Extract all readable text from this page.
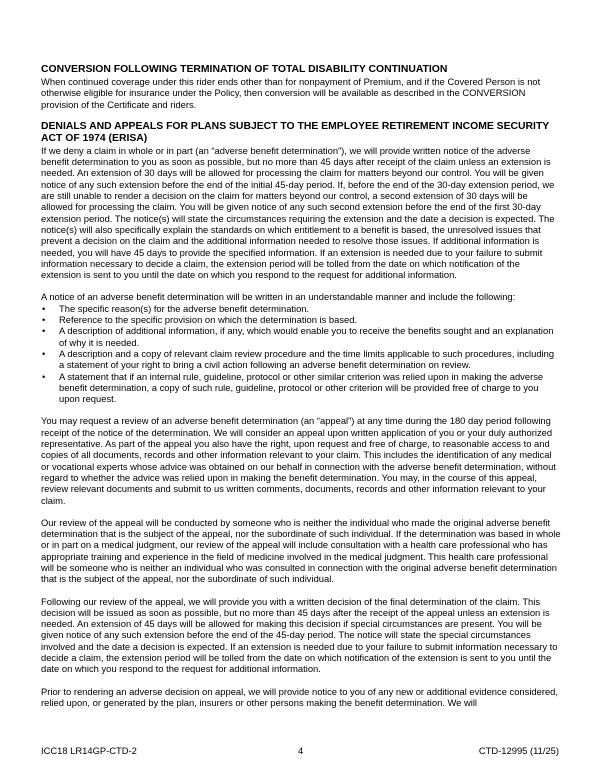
CONVERSION FOLLOWING TERMINATION OF TOTAL DISABILITY CONTINUATION

When continued coverage under this rider ends other than for nonpayment of Premium, and if the Covered Person is not otherwise eligible for insurance under the Policy, then conversion will be available as described in the CONVERSION provision of the Certificate and riders.

DENIALS AND APPEALS FOR PLANS SUBJECT TO THE EMPLOYEE RETIREMENT INCOME SECURITY ACT OF 1974 (ERISA)

If we deny a claim in whole or in part (an “adverse benefit determination”), we will provide written notice of the adverse benefit determination to you as soon as possible, but no more than 45 days after receipt of the claim unless an extension is needed. An extension of 30 days will be allowed for processing the claim for matters beyond our control. You will be given notice of any such extension before the end of the initial 45-day period. If, before the end of the 30-day extension period, we are still unable to render a decision on the claim for matters beyond our control, a second extension of 30 days will be allowed for processing the claim. You will be given notice of any such second extension before the end of the first 30-day extension period. The notice(s) will state the circumstances requiring the extension and the date a decision is expected. The notice(s) will also specifically explain the standards on which entitlement to a benefit is based, the unresolved issues that prevent a decision on the claim and the additional information needed to resolve those issues. If additional information is needed, you will have 45 days to provide the specified information. If an extension is needed due to your failure to submit information necessary to decide a claim, the extension period will be tolled from the date on which notification of the extension is sent to you until the date on which you respond to the request for additional information.

A notice of an adverse benefit determination will be written in an understandable manner and include the following:

• The specific reason(s) for the adverse benefit determination.
• Reference to the specific provision on which the determination is based.
• A description of additional information, if any, which would enable you to receive the benefits sought and an explanation of why it is needed.
• A description and a copy of relevant claim review procedure and the time limits applicable to such procedures, including a statement of your right to bring a civil action following an adverse benefit determination on review.
• A statement that if an internal rule, guideline, protocol or other similar criterion was relied upon in making the adverse benefit determination, a copy of such rule, guideline, protocol or other criterion will be provided free of charge to you upon request.

You may request a review of an adverse benefit determination (an “appeal”) at any time during the 180 day period following receipt of the notice of the determination. We will consider an appeal upon written application of you or your duly authorized representative. As part of the appeal you also have the right, upon request and free of charge, to reasonable access to and copies of all documents, records and other information relevant to your claim. This includes the identification of any medical or vocational experts whose advice was obtained on our behalf in connection with the adverse benefit determination, without regard to whether the advice was relied upon in making the benefit determination. You may, in the course of this appeal, review relevant documents and submit to us written comments, documents, records and other information relevant to your claim.

Our review of the appeal will be conducted by someone who is neither the individual who made the original adverse benefit determination that is the subject of the appeal, nor the subordinate of such individual. If the determination was based in whole or in part on a medical judgment, our review of the appeal will include consultation with a health care professional who has appropriate training and experience in the field of medicine involved in the medical judgment. This health care professional will be someone who is neither an individual who was consulted in connection with the original adverse benefit determination that is the subject of the appeal, nor the subordinate of such individual.

Following our review of the appeal, we will provide you with a written decision of the final determination of the claim. This decision will be issued as soon as possible, but no more than 45 days after the receipt of the appeal unless an extension is needed. An extension of 45 days will be allowed for making this decision if special circumstances are present. You will be given notice of any such extension before the end of the 45-day period. The notice will state the special circumstances involved and the date a decision is expected. If an extension is needed due to your failure to submit information necessary to decide a claim, the extension period will be tolled from the date on which notification of the extension is sent to you until the date on which you respond to the request for additional information.

Prior to rendering an adverse decision on appeal, we will provide notice to you of any new or additional evidence considered, relied upon, or generated by the plan, insurers or other persons making the benefit determination. We will

ICC18 LR14GP-CTD-2	4	CTD-12995 (11/25)
